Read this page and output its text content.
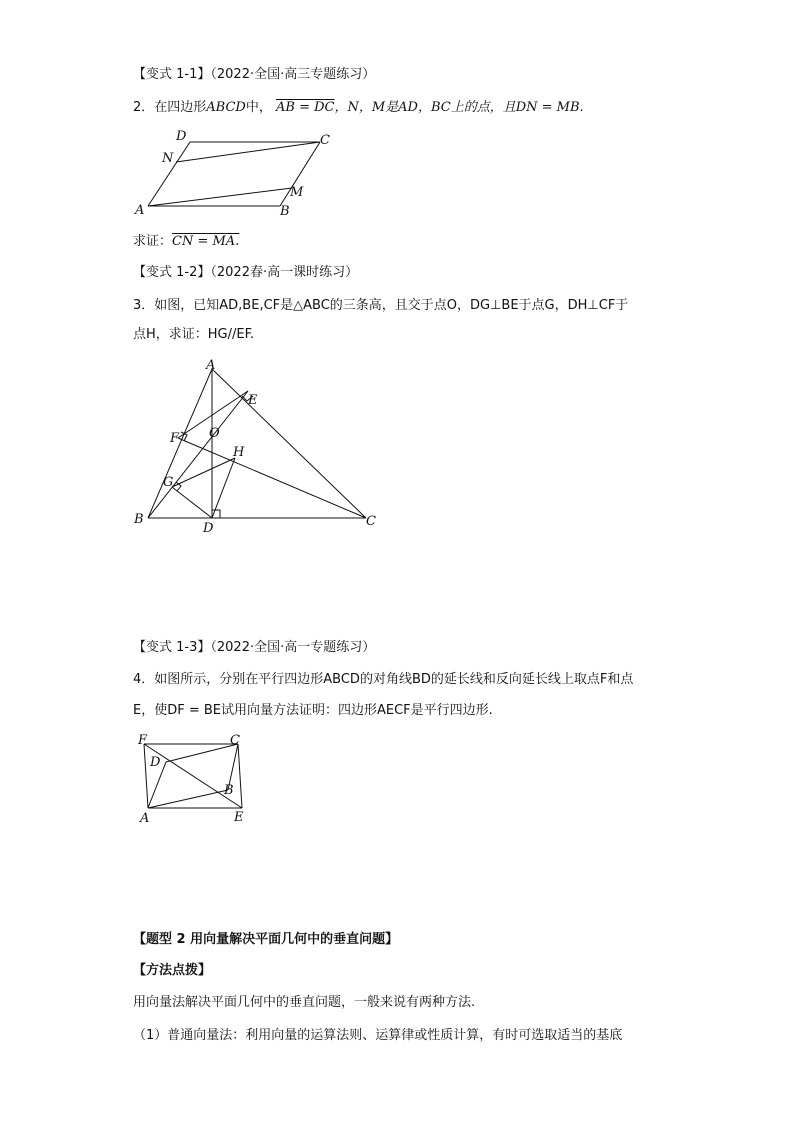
【变式 1-1】（2022·全国·高三专题练习）
2．在四边形ABCD中， AB = DC，N，M是AD，BC上的点，且DN = MB.
A	B
C
D
M
N
求证：CN = MA.
【变式 1-2】（2022春·高一课时练习）
3．如图，已知AD,BE,CF是△ABC的三条高，且交于点O，DG⊥BE于点G，DH⊥CF于
点H，求证：HG//EF.
A
B	C
D
E
F
G
H
O
【变式 1-3】（2022·全国·高一专题练习）
4．如图所示，分别在平行四边形ABCD的对角线BD的延长线和反向延长线上取点F和点
E，使DF = BE试用向量方法证明：四边形AECF是平行四边形.
F	C
D
B
A	E
【题型 2 用向量解决平面几何中的垂直问题】
【方法点拨】
用向量法解决平面几何中的垂直问题，一般来说有两种方法.
（1）普通向量法：利用向量的运算法则、运算律或性质计算，有时可选取适当的基底
